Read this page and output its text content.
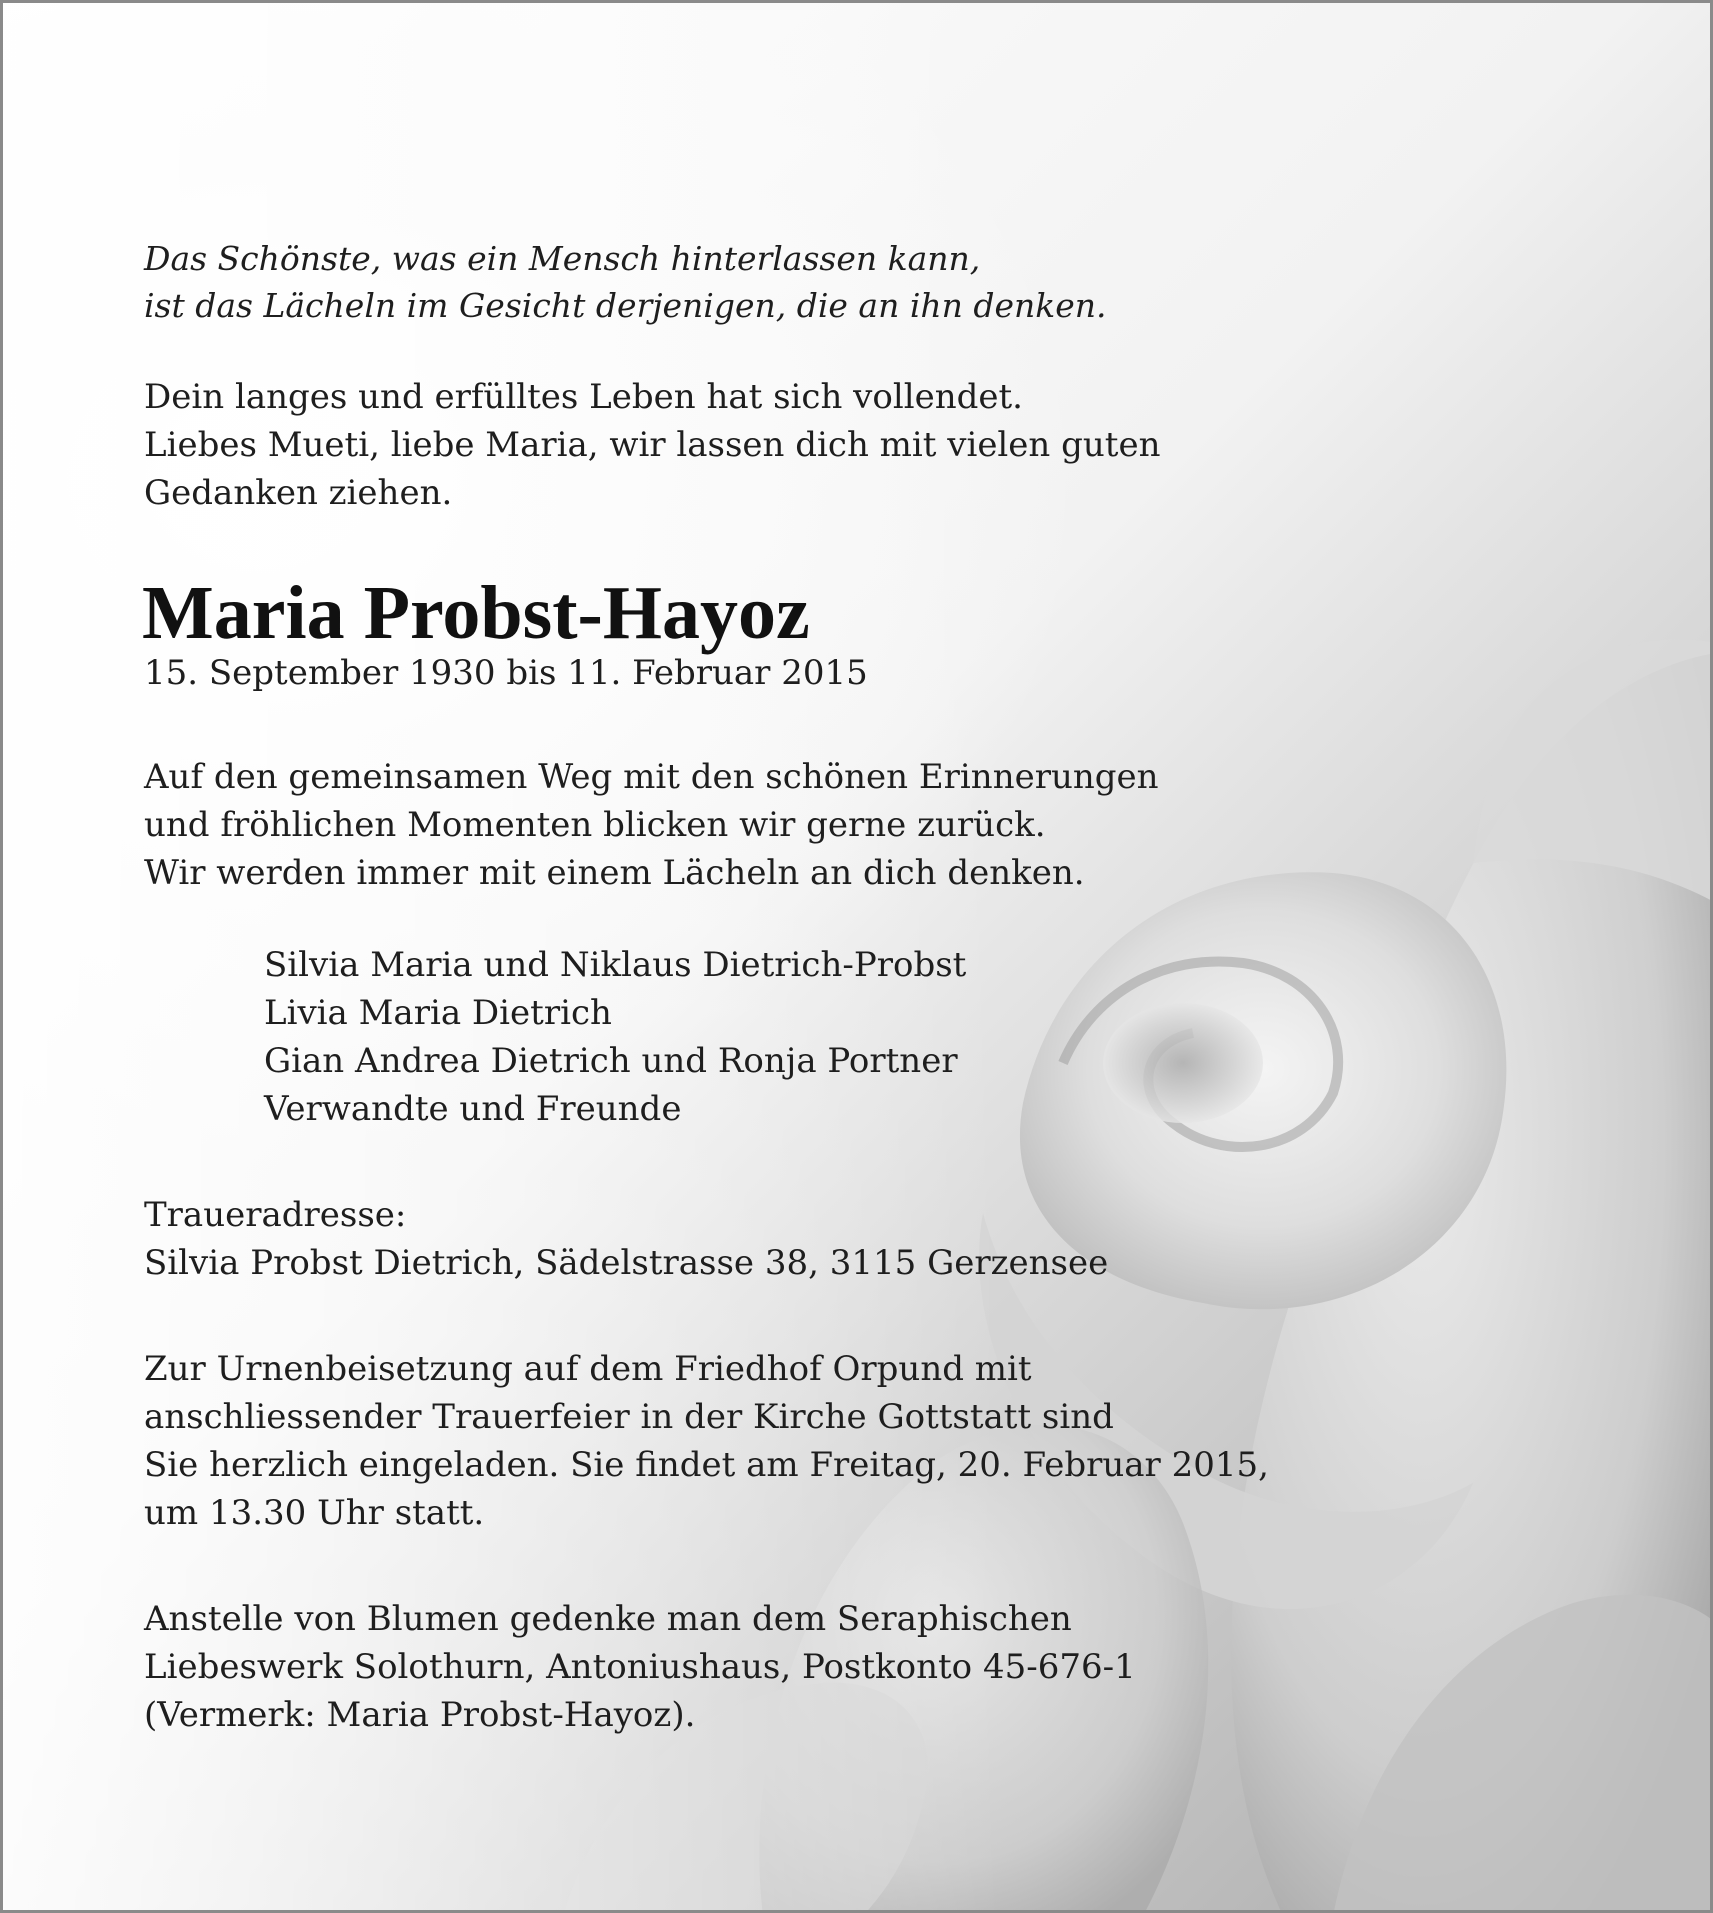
Das Schönste, was ein Mensch hinterlassen kann,
ist das Lächeln im Gesicht derjenigen, die an ihn denken.

Dein langes und erfülltes Leben hat sich vollendet.
Liebes Mueti, liebe Maria, wir lassen dich mit vielen guten
Gedanken ziehen.

Maria Probst-Hayoz

15. September 1930 bis 11. Februar 2015

Auf den gemeinsamen Weg mit den schönen Erinnerungen
und fröhlichen Momenten blicken wir gerne zurück.
Wir werden immer mit einem Lächeln an dich denken.

Silvia Maria und Niklaus Dietrich-Probst
Livia Maria Dietrich
Gian Andrea Dietrich und Ronja Portner
Verwandte und Freunde

Traueradresse:
Silvia Probst Dietrich, Sädelstrasse 38, 3115 Gerzensee

Zur Urnenbeisetzung auf dem Friedhof Orpund mit
anschliessender Trauerfeier in der Kirche Gottstatt sind
Sie herzlich eingeladen. Sie findet am Freitag, 20. Februar 2015,
um 13.30 Uhr statt.

Anstelle von Blumen gedenke man dem Seraphischen
Liebeswerk Solothurn, Antoniushaus, Postkonto 45-676-1
(Vermerk: Maria Probst-Hayoz).
